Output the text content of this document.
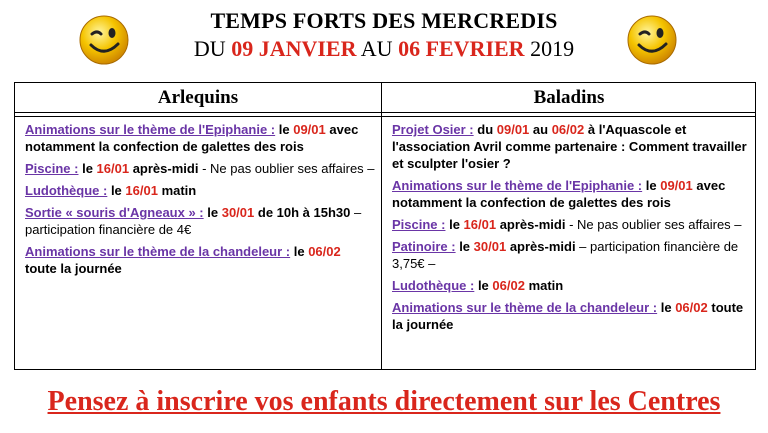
TEMPS FORTS DES MERCREDIS
DU 09 JANVIER AU 06 FEVRIER 2019
Arlequins	Baladins
Animations sur le thème de l'Epiphanie : le 09/01 avec notamment la confection de galettes des rois
Piscine : le 16/01 après-midi - Ne pas oublier ses affaires –
Ludothèque : le 16/01 matin
Sortie « souris d'Agneaux » : le 30/01 de 10h à 15h30 – participation financière de 4€
Animations sur le thème de la chandeleur : le 06/02 toute la journée
Projet Osier : du 09/01 au 06/02 à l'Aquascole et l'association Avril comme partenaire : Comment travailler et sculpter l'osier ?
Animations sur le thème de l'Epiphanie : le 09/01 avec notamment la confection de galettes des rois
Piscine : le 16/01 après-midi - Ne pas oublier ses affaires –
Patinoire : le 30/01 après-midi – participation financière de 3,75€ –
Ludothèque : le 06/02 matin
Animations sur le thème de la chandeleur : le 06/02 toute la journée
Pensez à inscrire vos enfants directement sur les Centres
